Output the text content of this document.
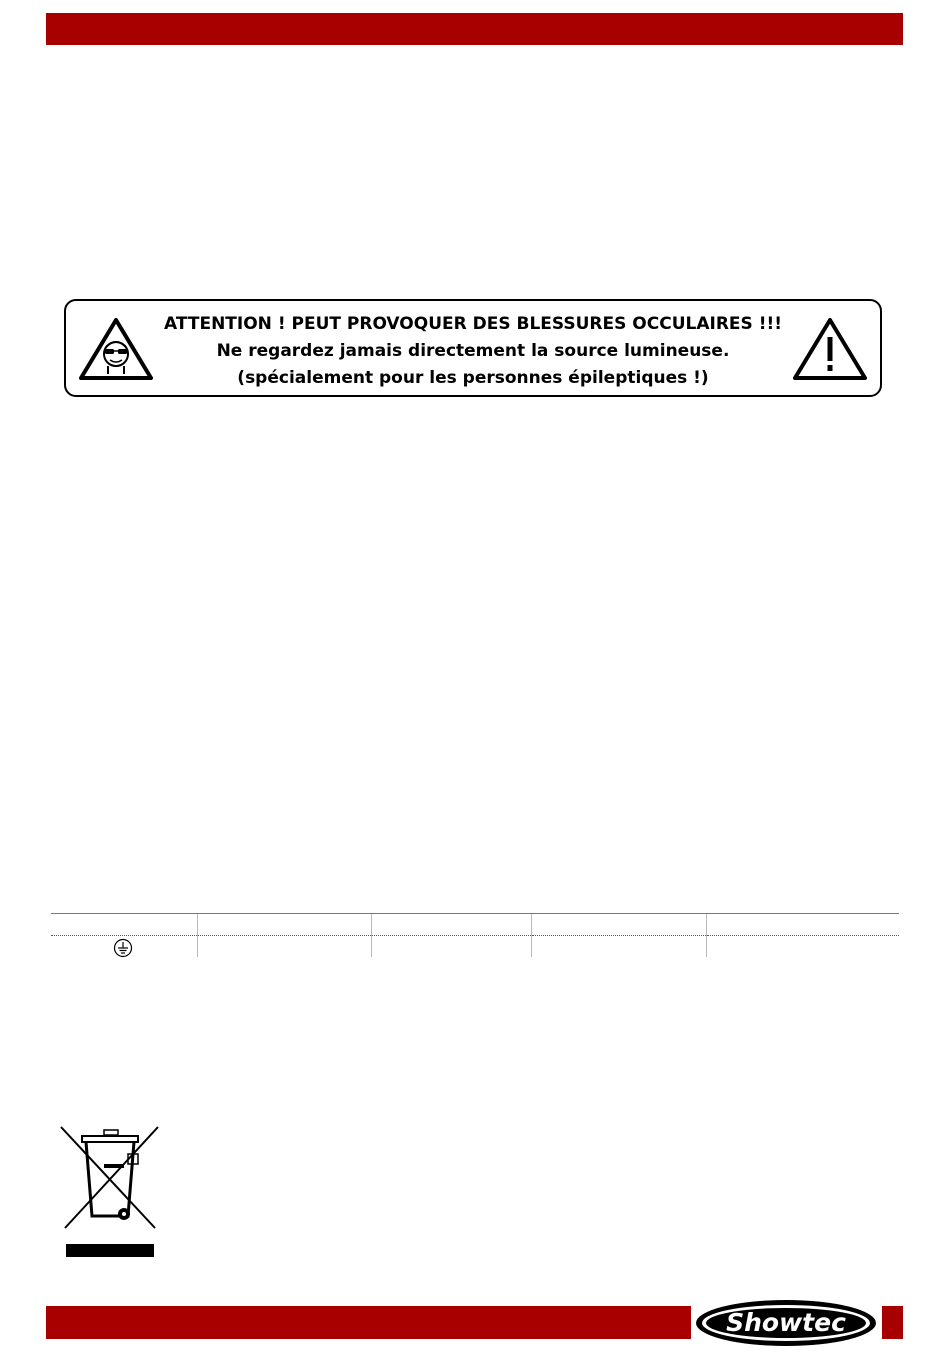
ATTENTION ! PEUT PROVOQUER DES BLESSURES OCCULAIRES !!!
Ne regardez jamais directement la source lumineuse.
(spécialement pour les personnes épileptiques !)

Showtec
